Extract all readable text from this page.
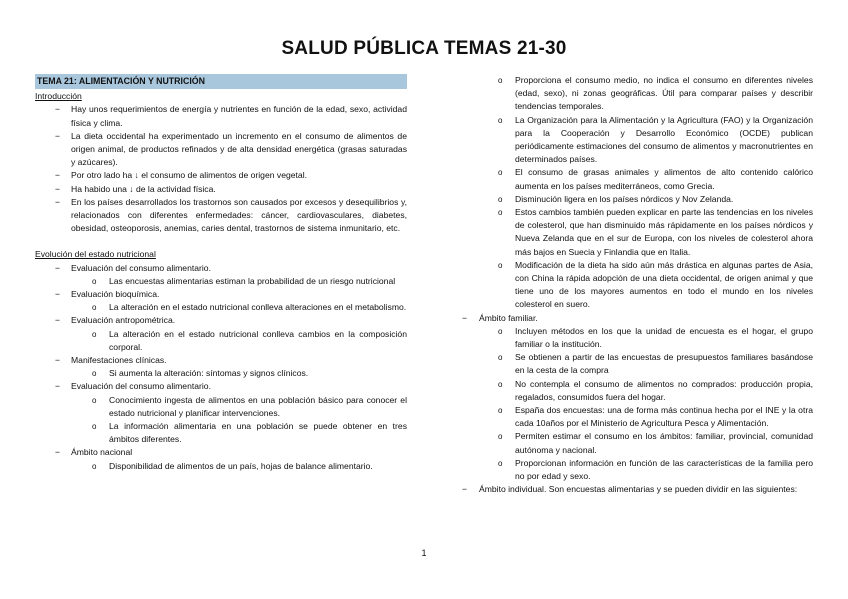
SALUD PÚBLICA TEMAS 21-30
TEMA 21: ALIMENTACIÓN Y NUTRICIÓN
Introducción
− Hay unos requerimientos de energía y nutrientes en función de la edad, sexo, actividad física y clima.
− La dieta occidental ha experimentado un incremento en el consumo de alimentos de origen animal, de productos refinados y de alta densidad energética (grasas saturadas y azúcares).
− Por otro lado ha ↓ el consumo de alimentos de origen vegetal.
− Ha habido una ↓ de la actividad física.
− En los países desarrollados los trastornos son causados por excesos y desequilibrios y, relacionados con diferentes enfermedades: cáncer, cardiovasculares, diabetes, obesidad, osteoporosis, anemias, caries dental, trastornos de sistema inmunitario, etc.
Evolución del estado nutricional
− Evaluación del consumo alimentario.
o Las encuestas alimentarias estiman la probabilidad de un riesgo nutricional
− Evaluación bioquímica.
o La alteración en el estado nutricional conlleva alteraciones en el metabolismo.
− Evaluación antropométrica.
o La alteración en el estado nutricional conlleva cambios en la composición corporal.
− Manifestaciones clínicas.
o Si aumenta la alteración: síntomas y signos clínicos.
− Evaluación del consumo alimentario.
o Conocimiento ingesta de alimentos en una población básico para conocer el estado nutricional y planificar intervenciones.
o La información alimentaria en una población se puede obtener en tres ámbitos diferentes.
− Ámbito nacional
o Disponibilidad de alimentos de un país, hojas de balance alimentario.
o Proporciona el consumo medio, no indica el consumo en diferentes niveles (edad, sexo), ni zonas geográficas. Útil para comparar países y describir tendencias temporales.
o La Organización para la Alimentación y la Agricultura (FAO) y la Organización para la Cooperación y Desarrollo Económico (OCDE) publican periódicamente estimaciones del consumo de alimentos y macronutrientes en determinados países.
o El consumo de grasas animales y alimentos de alto contenido calórico aumenta en los países mediterráneos, como Grecia.
o Disminución ligera en los países nórdicos y Nov Zelanda.
o Estos cambios también pueden explicar en parte las tendencias en los niveles de colesterol, que han disminuido más rápidamente en los países nórdicos y Nueva Zelanda que en el sur de Europa, con los niveles de colesterol ahora más bajos en Suecia y Finlandia que en Italia.
o Modificación de la dieta ha sido aún más drástica en algunas partes de Asia, con China la rápida adopción de una dieta occidental, de origen animal y que tiene uno de los mayores aumentos en todo el mundo en los niveles colesterol en suero.
− Ámbito familiar.
o Incluyen métodos en los que la unidad de encuesta es el hogar, el grupo familiar o la institución.
o Se obtienen a partir de las encuestas de presupuestos familiares basándose en la cesta de la compra
o No contempla el consumo de alimentos no comprados: producción propia, regalados, consumidos fuera del hogar.
o España dos encuestas: una de forma más continua hecha por el INE y la otra cada 10años por el Ministerio de Agricultura Pesca y Alimentación.
o Permiten estimar el consumo en los ámbitos: familiar, provincial, comunidad autónoma y nacional.
o Proporcionan información en función de las características de la familia pero no por edad y sexo.
− Ámbito individual. Son encuestas alimentarias y se pueden dividir en las siguientes:
1
